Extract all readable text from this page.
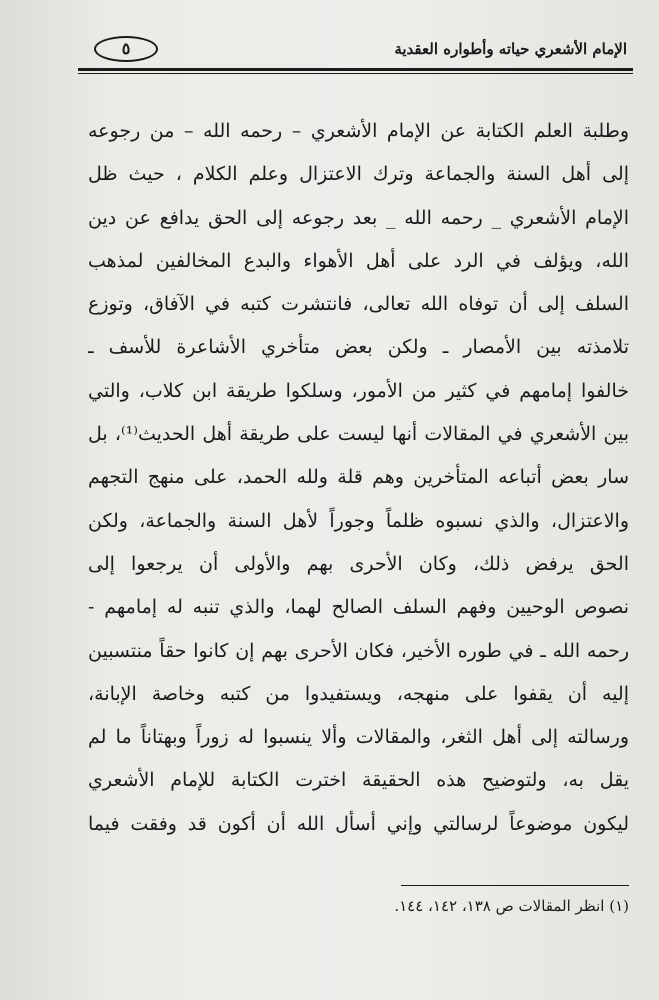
٥	الإمام الأشعري حياته وأطواره العقدية
وطلبة العلم الكتابة عن الإمام الأشعري – رحمه الله – من رجوعه
إلى أهل السنة والجماعة وترك الاعتزال وعلم الكلام ، حيث ظل
الإمام الأشعري _ رحمه الله _ بعد رجوعه إلى الحق يدافع عن دين
الله، ويؤلف في الرد على أهل الأهواء والبدع المخالفين لمذهب
السلف إلى أن توفاه الله تعالى، فانتشرت كتبه في الآفاق، وتوزع
تلامذته بين الأمصار ـ ولكن بعض متأخري الأشاعرة للأسف ـ
خالفوا إمامهم في كثير من الأمور، وسلكوا طريقة ابن كلاب، والتي
بين الأشعري في المقالات أنها ليست على طريقة أهل الحديث⁽¹⁾، بل
سار بعض أتباعه المتأخرين وهم قلة ولله الحمد، على منهج التجهم
والاعتزال، والذي نسبوه ظلماً وجوراً لأهل السنة والجماعة، ولكن
الحق يرفض ذلك، وكان الأحرى بهم والأولى أن يرجعوا إلى
نصوص الوحيين وفهم السلف الصالح لهما، والذي تنبه له إمامهم -
رحمه الله ـ في طوره الأخير، فكان الأحرى بهم إن كانوا حقاً منتسبين
إليه أن يقفوا على منهجه، ويستفيدوا من كتبه وخاصة الإبانة،
ورسالته إلى أهل الثغر، والمقالات وألا ينسبوا له زوراً وبهتاناً ما لم
يقل به، ولتوضيح هذه الحقيقة اخترت الكتابة للإمام الأشعري
ليكون موضوعاً لرسالتي وإني أسأل الله أن أكون قد وفقت فيما
(١) انظر المقالات ص ١٣٨، ١٤٢، ١٤٤.
